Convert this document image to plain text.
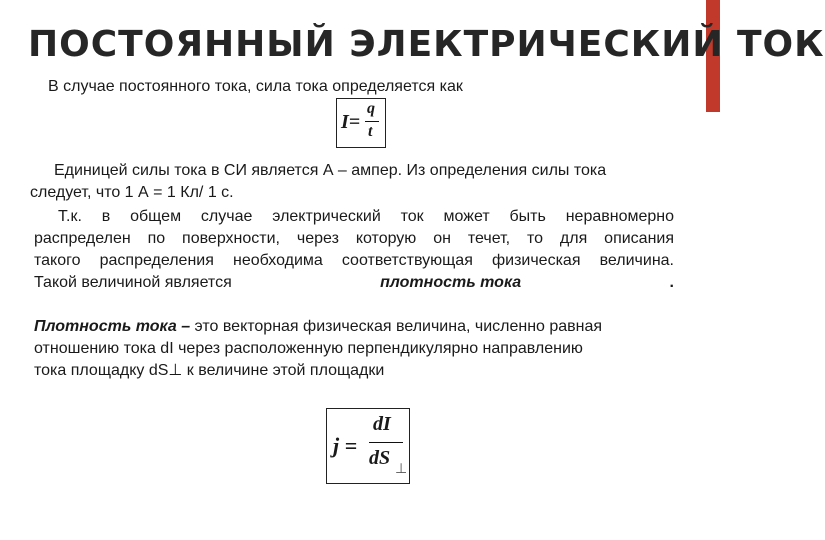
ПОСТОЯННЫЙ ЭЛЕКТРИЧЕСКИЙ ТОК
В случае постоянного тока, сила тока определяется как
I=
q
t
Единицей силы тока в СИ является А – ампер. Из определения силы тока
следует, что 1 А = 1 Кл/ 1 с.
Т.к. в общем случае электрический ток может быть неравномерно
распределен по поверхности, через которую он течет, то для описания
такого распределения необходима соответствующая физическая величина.
Такой величиной является	плотность тока	.
Плотность тока – это векторная физическая величина, численно равная
отношению тока dI через расположенную перпендикулярно направлению
тока площадку dS⊥ к величине этой площадки
j =
dI
dS
⊥
